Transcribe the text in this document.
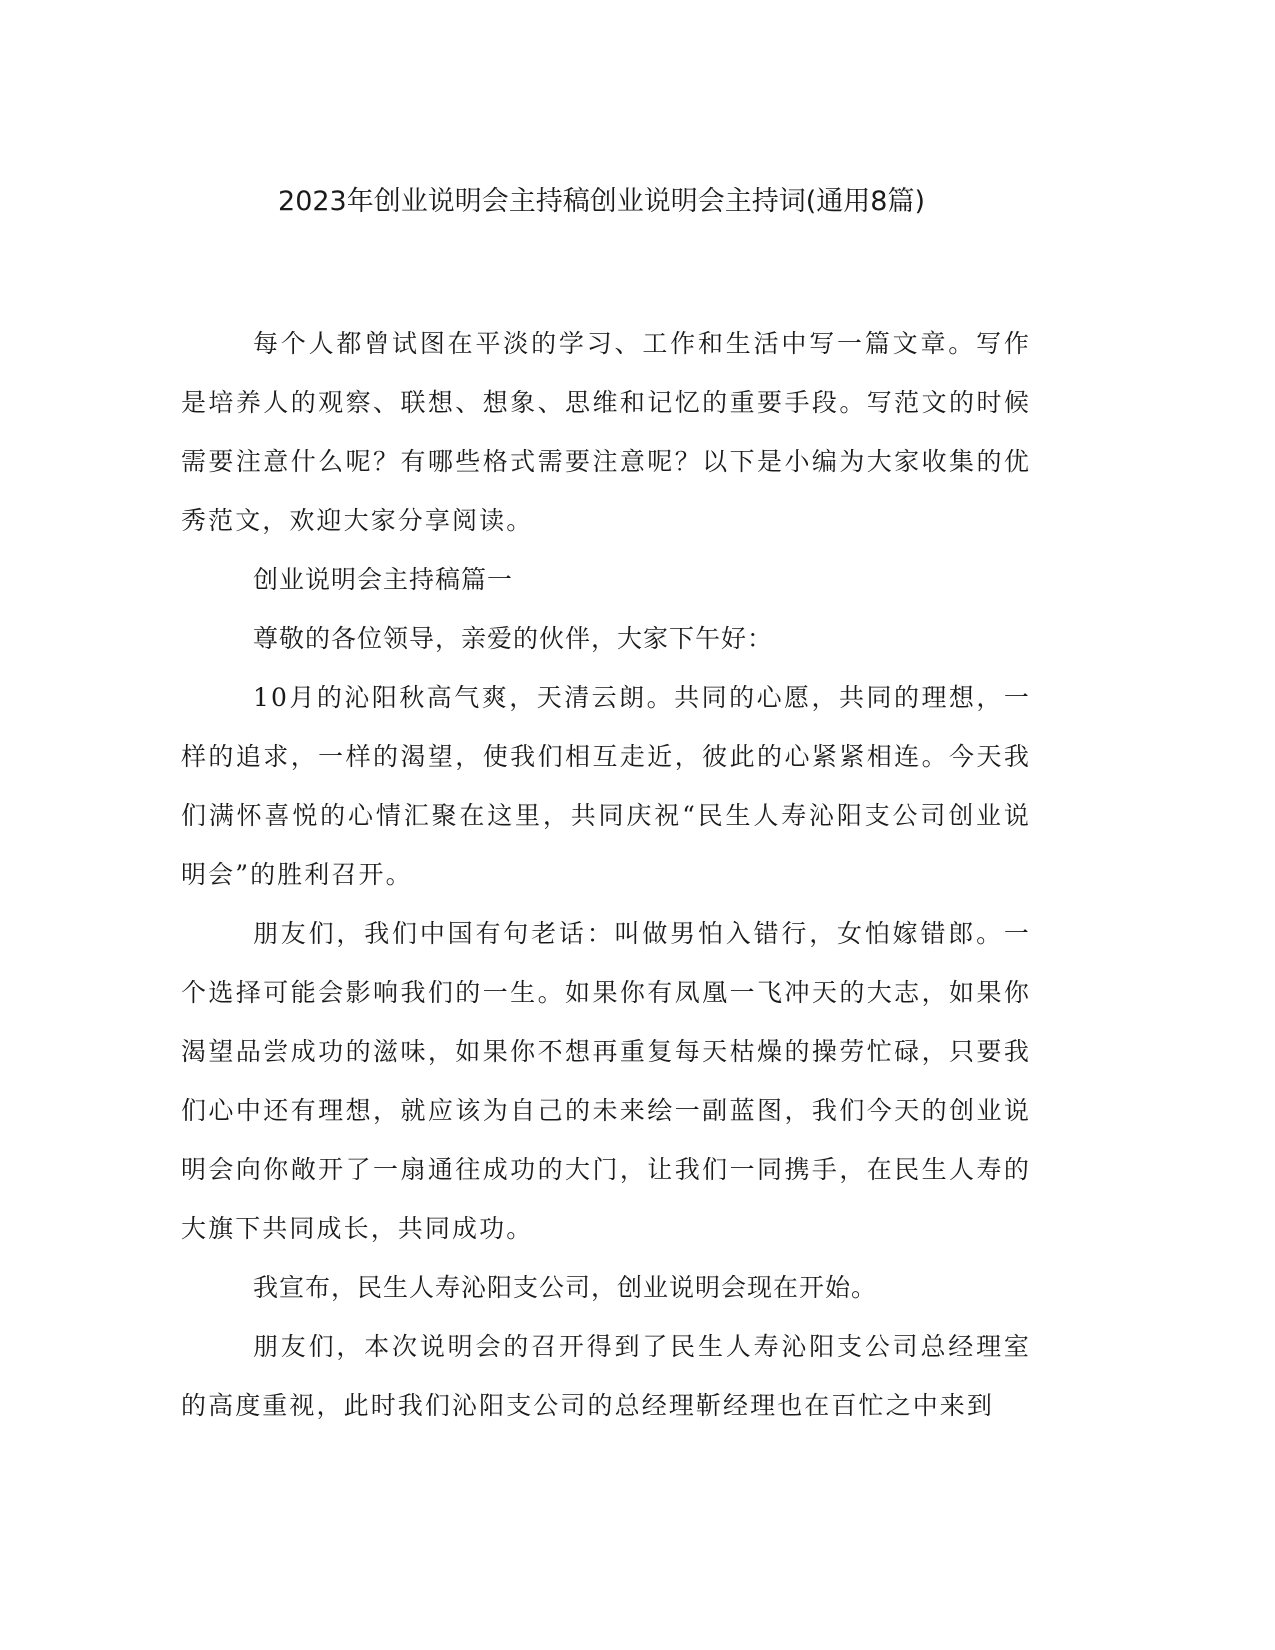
2023年创业说明会主持稿创业说明会主持词(通用8篇)

每个人都曾试图在平淡的学习、工作和生活中写一篇文章。写作是培养人的观察、联想、想象、思维和记忆的重要手段。写范文的时候需要注意什么呢？有哪些格式需要注意呢？以下是小编为大家收集的优秀范文，欢迎大家分享阅读。

创业说明会主持稿篇一

尊敬的各位领导，亲爱的伙伴，大家下午好：

10月的沁阳秋高气爽，天清云朗。共同的心愿，共同的理想，一样的追求，一样的渴望，使我们相互走近，彼此的心紧紧相连。今天我们满怀喜悦的心情汇聚在这里，共同庆祝“民生人寿沁阳支公司创业说明会”的胜利召开。

朋友们，我们中国有句老话：叫做男怕入错行，女怕嫁错郎。一个选择可能会影响我们的一生。如果你有凤凰一飞冲天的大志，如果你渴望品尝成功的滋味，如果你不想再重复每天枯燥的操劳忙碌，只要我们心中还有理想，就应该为自己的未来绘一副蓝图，我们今天的创业说明会向你敞开了一扇通往成功的大门，让我们一同携手，在民生人寿的大旗下共同成长，共同成功。

我宣布，民生人寿沁阳支公司，创业说明会现在开始。

朋友们，本次说明会的召开得到了民生人寿沁阳支公司总经理室的高度重视，此时我们沁阳支公司的总经理靳经理也在百忙之中来到
